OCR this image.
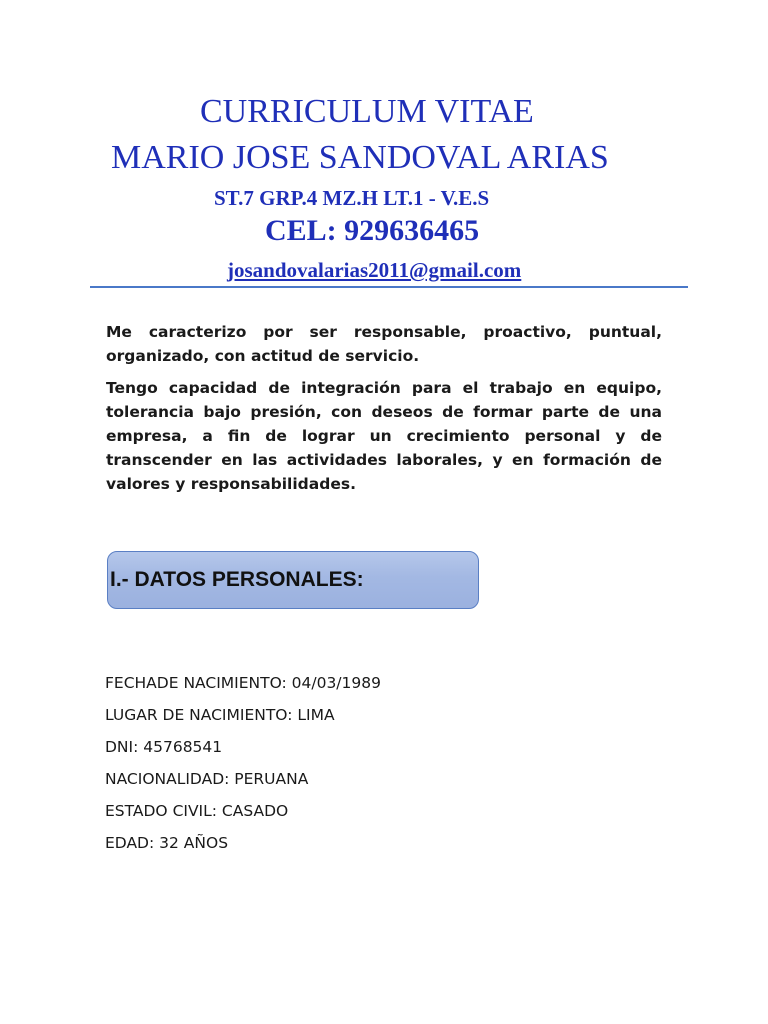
CURRICULUM VITAE
MARIO JOSE SANDOVAL ARIAS
ST.7 GRP.4 MZ.H LT.1 - V.E.S
CEL: 929636465
josandovalarias2011@gmail.com

Me caracterizo por ser responsable, proactivo, puntual, organizado, con actitud de servicio.

Tengo capacidad de integración para el trabajo en equipo, tolerancia bajo presión, con deseos de formar parte de una empresa, a fin de lograr un crecimiento personal y de transcender en las actividades laborales, y en formación de valores y responsabilidades.

I.- DATOS PERSONALES:
FECHADE NACIMIENTO: 04/03/1989
LUGAR DE NACIMIENTO: LIMA
DNI: 45768541
NACIONALIDAD: PERUANA
ESTADO CIVIL: CASADO
EDAD: 32 AÑOS
